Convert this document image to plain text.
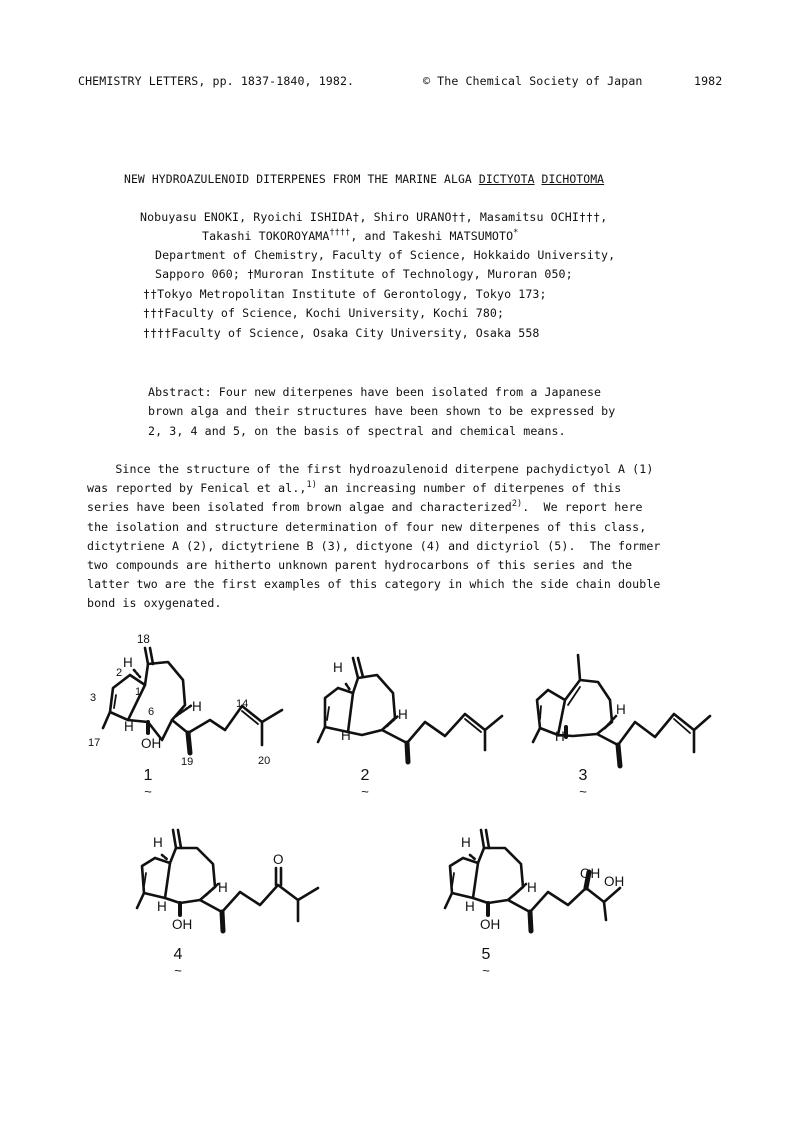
CHEMISTRY LETTERS, pp. 1837-1840, 1982.	© The Chemical Society of Japan	1982
NEW HYDROAZULENOID DITERPENES FROM THE MARINE ALGA DICTYOTA DICHOTOMA
Nobuyasu ENOKI, Ryoichi ISHIDA†, Shiro URANO††, Masamitsu OCHI†††,
Takashi TOKOROYAMA††††, and Takeshi MATSUMOTO*
Department of Chemistry, Faculty of Science, Hokkaido University,
Sapporo 060; †Muroran Institute of Technology, Muroran 050;
††Tokyo Metropolitan Institute of Gerontology, Tokyo 173;
†††Faculty of Science, Kochi University, Kochi 780;
††††Faculty of Science, Osaka City University, Osaka 558
Abstract: Four new diterpenes have been isolated from a Japanese
brown alga and their structures have been shown to be expressed by
2, 3, 4 and 5, on the basis of spectral and chemical means.
Since the structure of the first hydroazulenoid diterpene pachydictyol A (1)
was reported by Fenical et al.,$^{1)}$ an increasing number of diterpenes of this
series have been isolated from brown algae and characterized$^{2)}$.  We report here
the isolation and structure determination of four new diterpenes of this class,
dictytriene A (2), dictytriene B (3), dictyone (4) and dictyriol (5).  The former
two compounds are hitherto unknown parent hydrocarbons of this series and the
latter two are the first examples of this category in which the side chain double
bond is oxygenated.
18
H
2
3	1
6	H	14
H
OH
17
19	20
H
H
H
H
H
H
H
H
OH
O
H
H
H
OH
OH
OH
1
~
2
~
3
~
4
~
5
~
